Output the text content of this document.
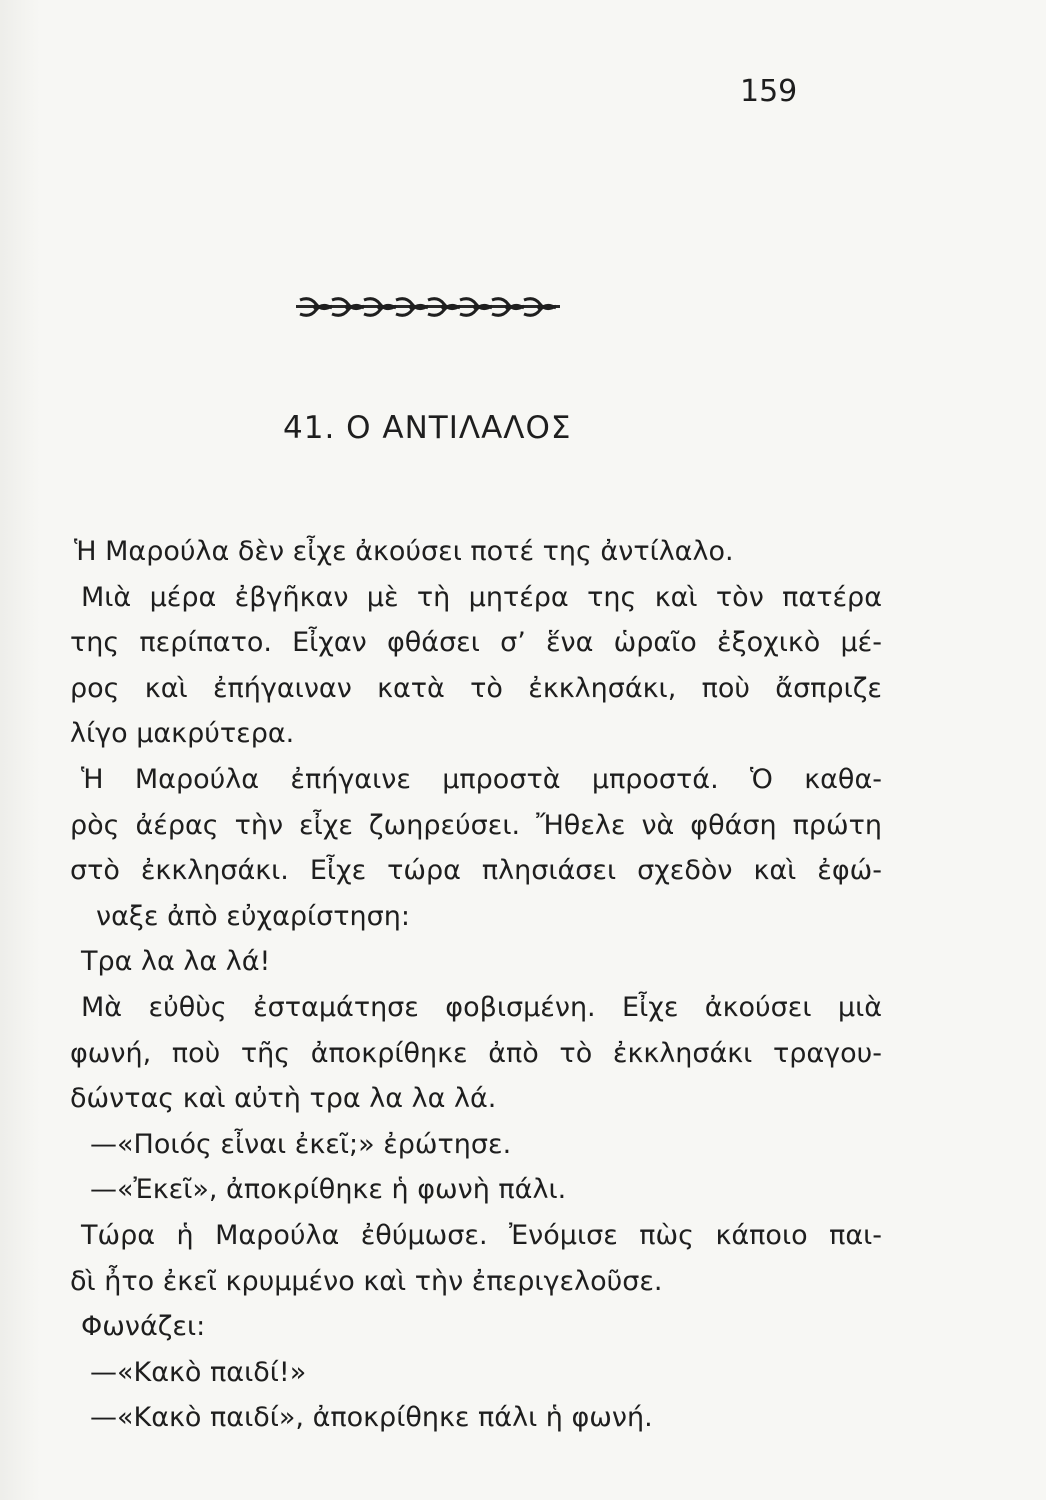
159
41. Ο ΑΝΤΙΛΑΛΟΣ
Ἡ Μαρούλα δὲν εἶχε ἀκούσει ποτέ της ἀντίλαλο.
Μιὰ μέρα ἐβγῆκαν μὲ τὴ μητέρα της καὶ τὸν πατέρα
της περίπατο. Εἶχαν φθάσει σ’ ἕνα ὡραῖο ἐξοχικὸ μέ-
ρος καὶ ἐπήγαιναν κατὰ τὸ ἐκκλησάκι, ποὺ ἄσπριζε
λίγο μακρύτερα.
Ἡ Μαρούλα ἐπήγαινε μπροστὰ μπροστά. Ὁ καθα-
ρὸς ἀέρας τὴν εἶχε ζωηρεύσει. Ἤθελε νὰ φθάση πρώτη
στὸ ἐκκλησάκι. Εἶχε τώρα πλησιάσει σχεδὸν καὶ ἐφώ-
ναξε ἀπὸ εὐχαρίστηση:
Τρα λα λα λά!
Μὰ εὐθὺς ἐσταμάτησε φοβισμένη. Εἶχε ἀκούσει μιὰ
φωνή, ποὺ τῆς ἀποκρίθηκε ἀπὸ τὸ ἐκκλησάκι τραγου-
δώντας καὶ αὐτὴ τρα λα λα λά.
—«Ποιός εἶναι ἐκεῖ;» ἐρώτησε.
—«Ἐκεῖ», ἀποκρίθηκε ἡ φωνὴ πάλι.
Τώρα ἡ Μαρούλα ἐθύμωσε. Ἐνόμισε πὼς κάποιο παι-
δὶ ἦτο ἐκεῖ κρυμμένο καὶ τὴν ἐπεριγελοῦσε.
Φωνάζει:
—«Κακὸ παιδί!»
—«Κακὸ παιδί», ἀποκρίθηκε πάλι ἡ φωνή.
